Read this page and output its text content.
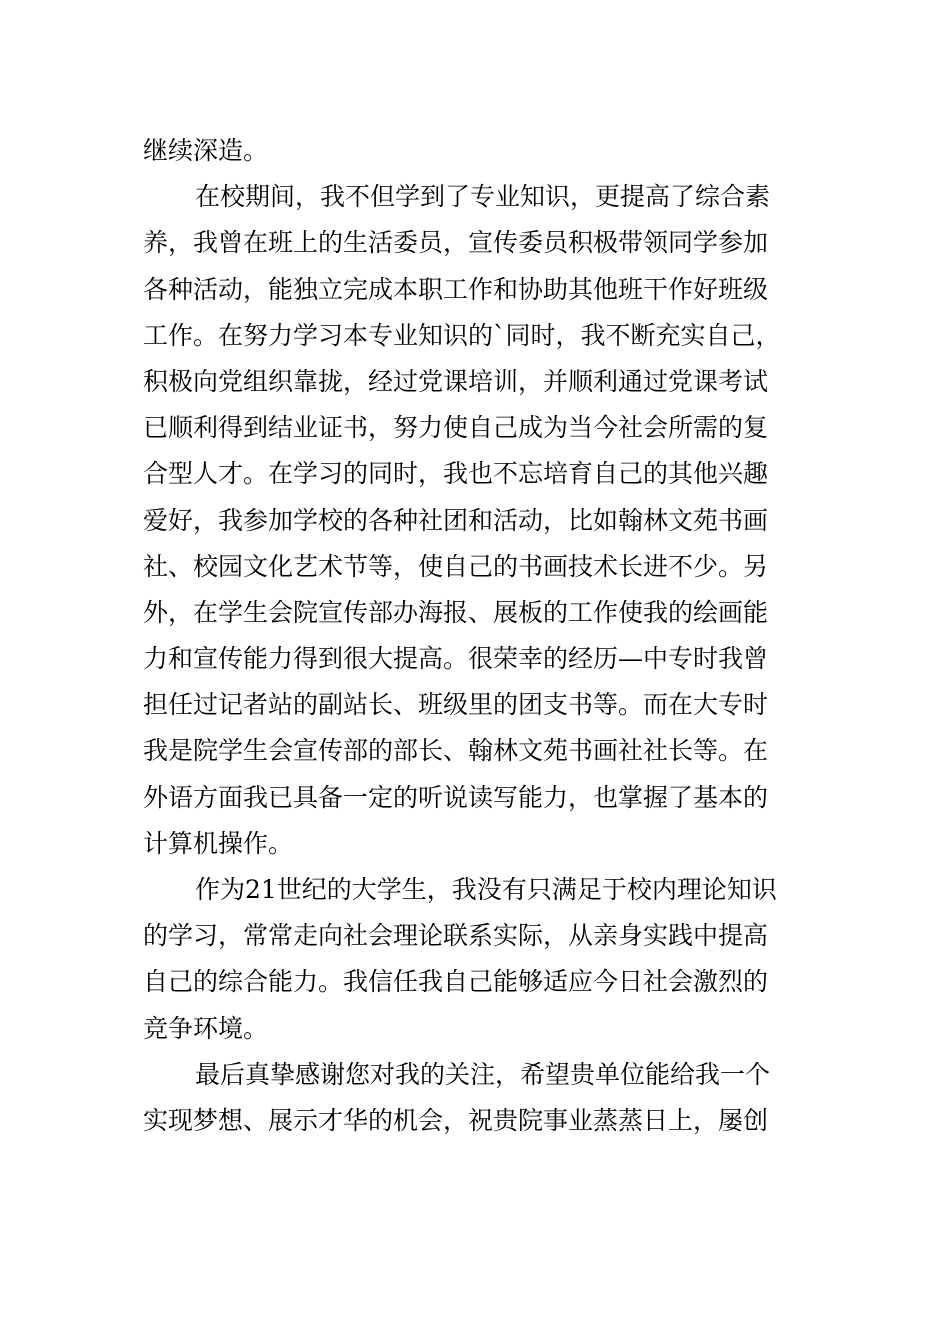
继续深造。
在校期间，我不但学到了专业知识，更提高了综合素
养，我曾在班上的生活委员，宣传委员积极带领同学参加
各种活动，能独立完成本职工作和协助其他班干作好班级
工作。在努力学习本专业知识的`同时，我不断充实自己，
积极向党组织靠拢，经过党课培训，并顺利通过党课考试
已顺利得到结业证书，努力使自己成为当今社会所需的复
合型人才。在学习的同时，我也不忘培育自己的其他兴趣
爱好，我参加学校的各种社团和活动，比如翰林文苑书画
社、校园文化艺术节等，使自己的书画技术长进不少。另
外，在学生会院宣传部办海报、展板的工作使我的绘画能
力和宣传能力得到很大提高。很荣幸的经历—中专时我曾
担任过记者站的副站长、班级里的团支书等。而在大专时
我是院学生会宣传部的部长、翰林文苑书画社社长等。在
外语方面我已具备一定的听说读写能力，也掌握了基本的
计算机操作。
作为21世纪的大学生，我没有只满足于校内理论知识
的学习，常常走向社会理论联系实际，从亲身实践中提高
自己的综合能力。我信任我自己能够适应今日社会激烈的
竞争环境。
最后真挚感谢您对我的关注，希望贵单位能给我一个
实现梦想、展示才华的机会，祝贵院事业蒸蒸日上，屡创
